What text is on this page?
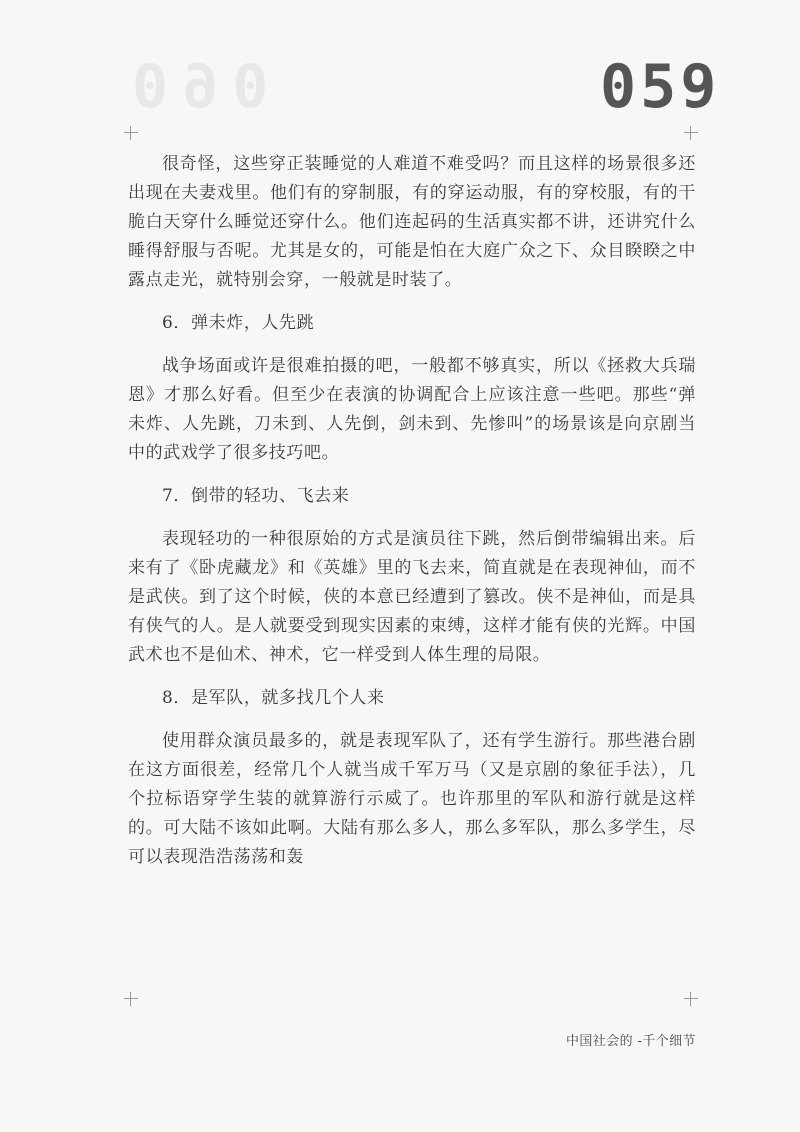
060	059

很奇怪，这些穿正装睡觉的人难道不难受吗？而且这样的场景很多还出现在夫妻戏里。他们有的穿制服，有的穿运动服，有的穿校服，有的干脆白天穿什么睡觉还穿什么。他们连起码的生活真实都不讲，还讲究什么睡得舒服与否呢。尤其是女的，可能是怕在大庭广众之下、众目睽睽之中露点走光，就特别会穿，一般就是时装了。

6．弹未炸，人先跳

战争场面或许是很难拍摄的吧，一般都不够真实，所以《拯救大兵瑞恩》才那么好看。但至少在表演的协调配合上应该注意一些吧。那些“弹未炸、人先跳，刀未到、人先倒，剑未到、先惨叫”的场景该是向京剧当中的武戏学了很多技巧吧。

7．倒带的轻功、飞去来

表现轻功的一种很原始的方式是演员往下跳，然后倒带编辑出来。后来有了《卧虎藏龙》和《英雄》里的飞去来，简直就是在表现神仙，而不是武侠。到了这个时候，侠的本意已经遭到了篡改。侠不是神仙，而是具有侠气的人。是人就要受到现实因素的束缚，这样才能有侠的光辉。中国武术也不是仙术、神术，它一样受到人体生理的局限。

8．是军队，就多找几个人来

使用群众演员最多的，就是表现军队了，还有学生游行。那些港台剧在这方面很差，经常几个人就当成千军万马（又是京剧的象征手法），几个拉标语穿学生装的就算游行示威了。也许那里的军队和游行就是这样的。可大陆不该如此啊。大陆有那么多人，那么多军队，那么多学生，尽可以表现浩浩荡荡和轰

中国社会的 -千个细节
